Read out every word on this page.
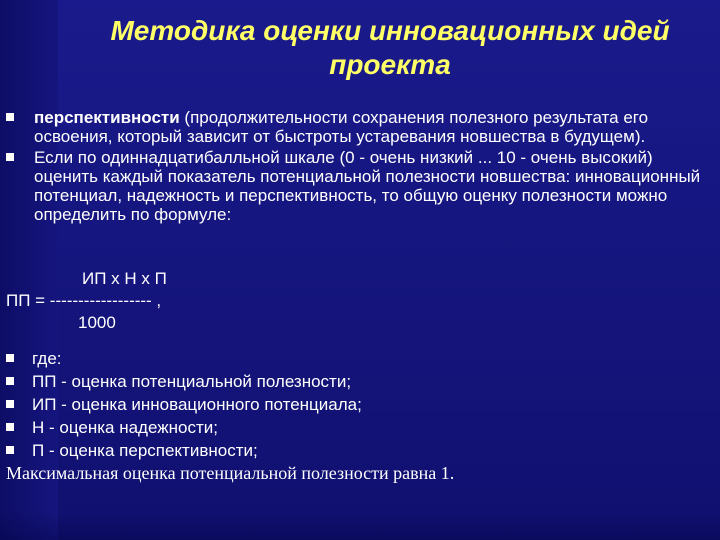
Методика оценки инновационных идей проекта
перспективности (продолжительности сохранения полезного результата его освоения, который зависит от быстроты устаревания новшества в будущем).
Если по одиннадцатибалльной шкале (0 - очень низкий ... 10 - очень высокий) оценить каждый показатель потенциальной полезности новшества: инновационный потенциал, надежность и перспективность, то общую оценку полезности можно определить по формуле:
ИП х Н х П
ПП = ------------------ ,
1000
где:
ПП - оценка потенциальной полезности;
ИП - оценка инновационного потенциала;
Н - оценка надежности;
П - оценка перспективности;
Максимальная оценка потенциальной полезности равна 1.
